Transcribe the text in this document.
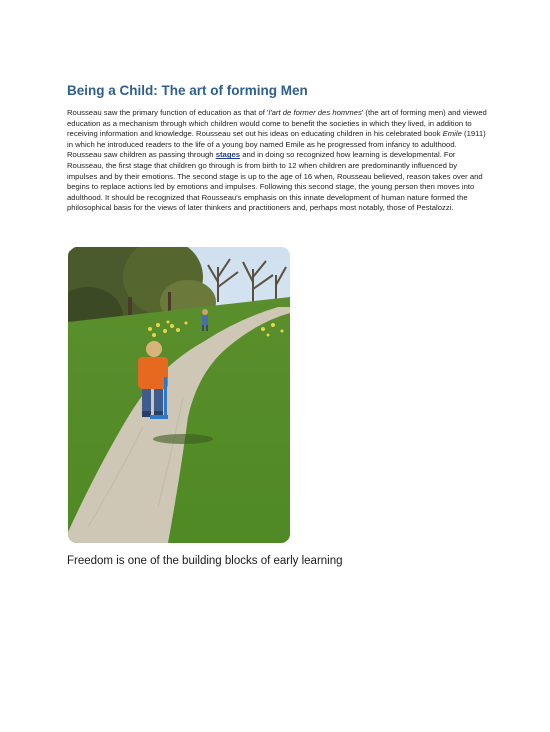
Being a Child: The art of forming Men

Rousseau saw the primary function of education as that of 'l'art de former des hommes' (the art of forming men) and viewed education as a mechanism through which children would come to benefit the societies in which they lived, in addition to receiving information and knowledge. Rousseau set out his ideas on educating children in his celebrated book Emile (1911) in which he introduced readers to the life of a young boy named Emile as he progressed from infancy to adulthood. Rousseau saw children as passing through stages and in doing so recognized how learning is developmental. For Rousseau, the first stage that children go through is from birth to 12 when children are predominantly influenced by impulses and by their emotions. The second stage is up to the age of 16 when, Rousseau believed, reason takes over and begins to replace actions led by emotions and impulses. Following this second stage, the young person then moves into adulthood. It should be recognized that Rousseau's emphasis on this innate development of human nature formed the philosophical basis for the views of later thinkers and practitioners and, perhaps most notably, those of Pestalozzi.

Freedom is one of the building blocks of early learning
